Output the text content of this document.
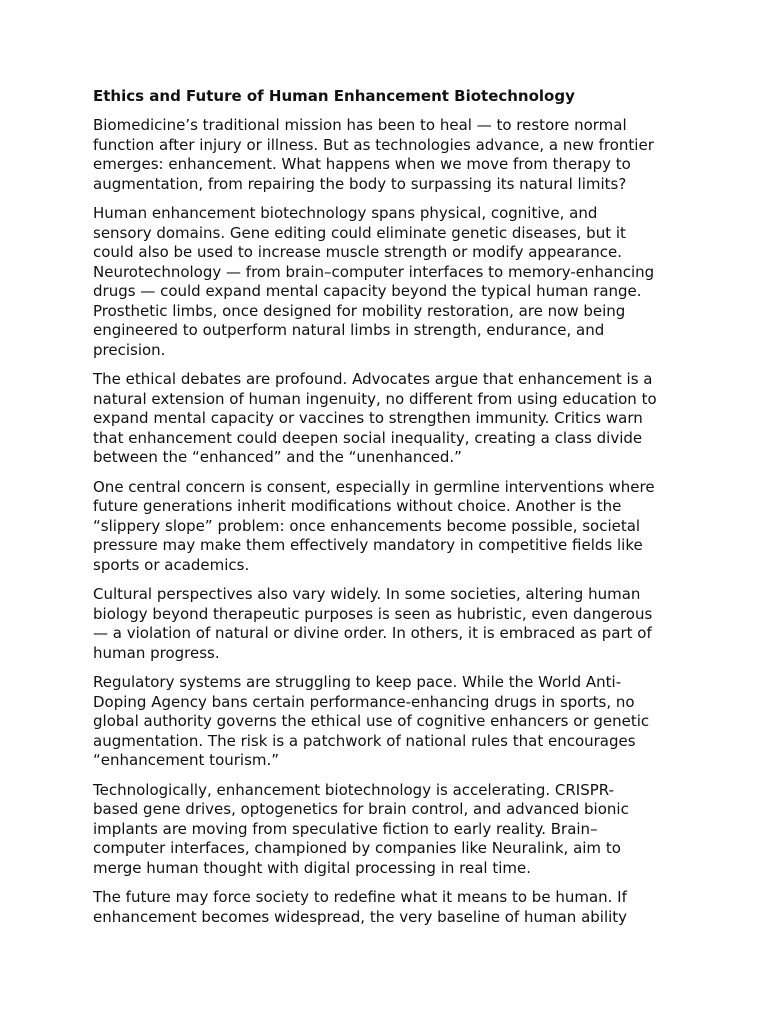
Ethics and Future of Human Enhancement Biotechnology
Biomedicine’s traditional mission has been to heal — to restore normal
function after injury or illness. But as technologies advance, a new frontier
emerges: enhancement. What happens when we move from therapy to
augmentation, from repairing the body to surpassing its natural limits?
Human enhancement biotechnology spans physical, cognitive, and
sensory domains. Gene editing could eliminate genetic diseases, but it
could also be used to increase muscle strength or modify appearance.
Neurotechnology — from brain–computer interfaces to memory-enhancing
drugs — could expand mental capacity beyond the typical human range.
Prosthetic limbs, once designed for mobility restoration, are now being
engineered to outperform natural limbs in strength, endurance, and
precision.
The ethical debates are profound. Advocates argue that enhancement is a
natural extension of human ingenuity, no different from using education to
expand mental capacity or vaccines to strengthen immunity. Critics warn
that enhancement could deepen social inequality, creating a class divide
between the “enhanced” and the “unenhanced.”
One central concern is consent, especially in germline interventions where
future generations inherit modifications without choice. Another is the
“slippery slope” problem: once enhancements become possible, societal
pressure may make them effectively mandatory in competitive fields like
sports or academics.
Cultural perspectives also vary widely. In some societies, altering human
biology beyond therapeutic purposes is seen as hubristic, even dangerous
— a violation of natural or divine order. In others, it is embraced as part of
human progress.
Regulatory systems are struggling to keep pace. While the World Anti-
Doping Agency bans certain performance-enhancing drugs in sports, no
global authority governs the ethical use of cognitive enhancers or genetic
augmentation. The risk is a patchwork of national rules that encourages
“enhancement tourism.”
Technologically, enhancement biotechnology is accelerating. CRISPR-
based gene drives, optogenetics for brain control, and advanced bionic
implants are moving from speculative fiction to early reality. Brain–
computer interfaces, championed by companies like Neuralink, aim to
merge human thought with digital processing in real time.
The future may force society to redefine what it means to be human. If
enhancement becomes widespread, the very baseline of human ability
